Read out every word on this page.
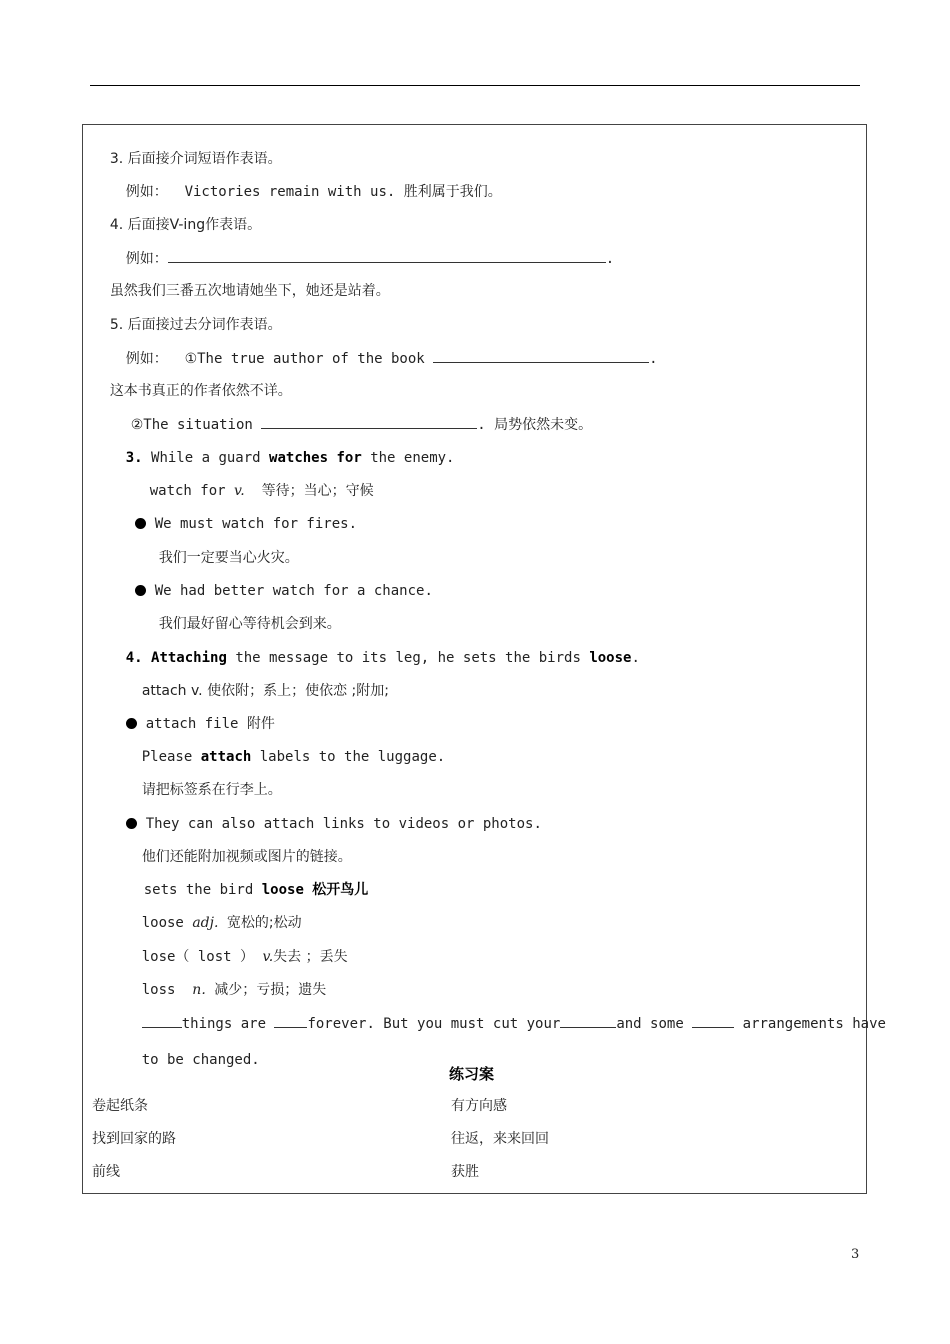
3. 后面接介词短语作表语。

例如： Victories remain with us. 胜利属于我们。

4. 后面接V-ing作表语。

例如：	.

虽然我们三番五次地请她坐下，她还是站着。

5. 后面接过去分词作表语。

例如： ①The true author of the book	.

这本书真正的作者依然不详。

②The situation	. 局势依然未变。

3. While a guard watches for the enemy.

watch for v. 等待；当心；守候

We must watch for fires.

我们一定要当心火灾。

We had better watch for a chance.

我们最好留心等待机会到来。

4. Attaching the message to its leg, he sets the birds loose.

attach v. 使依附；系上；使依恋 ;附加;

attach file 附件

Please attach labels to the luggage.

请把标签系在行李上。

They can also attach links to videos or photos.

他们还能附加视频或图片的链接。

sets the bird loose 松开鸟儿

loose adj. 宽松的;松动

lose（ lost ） v.失去 ；丢失

loss n. 减少；亏损；遗失

things are	forever. But you must cut your	and some	arrangements have

to be changed.

练习案
卷起纸条	有方向感
找到回家的路	往返，来来回回
前线	获胜
3
